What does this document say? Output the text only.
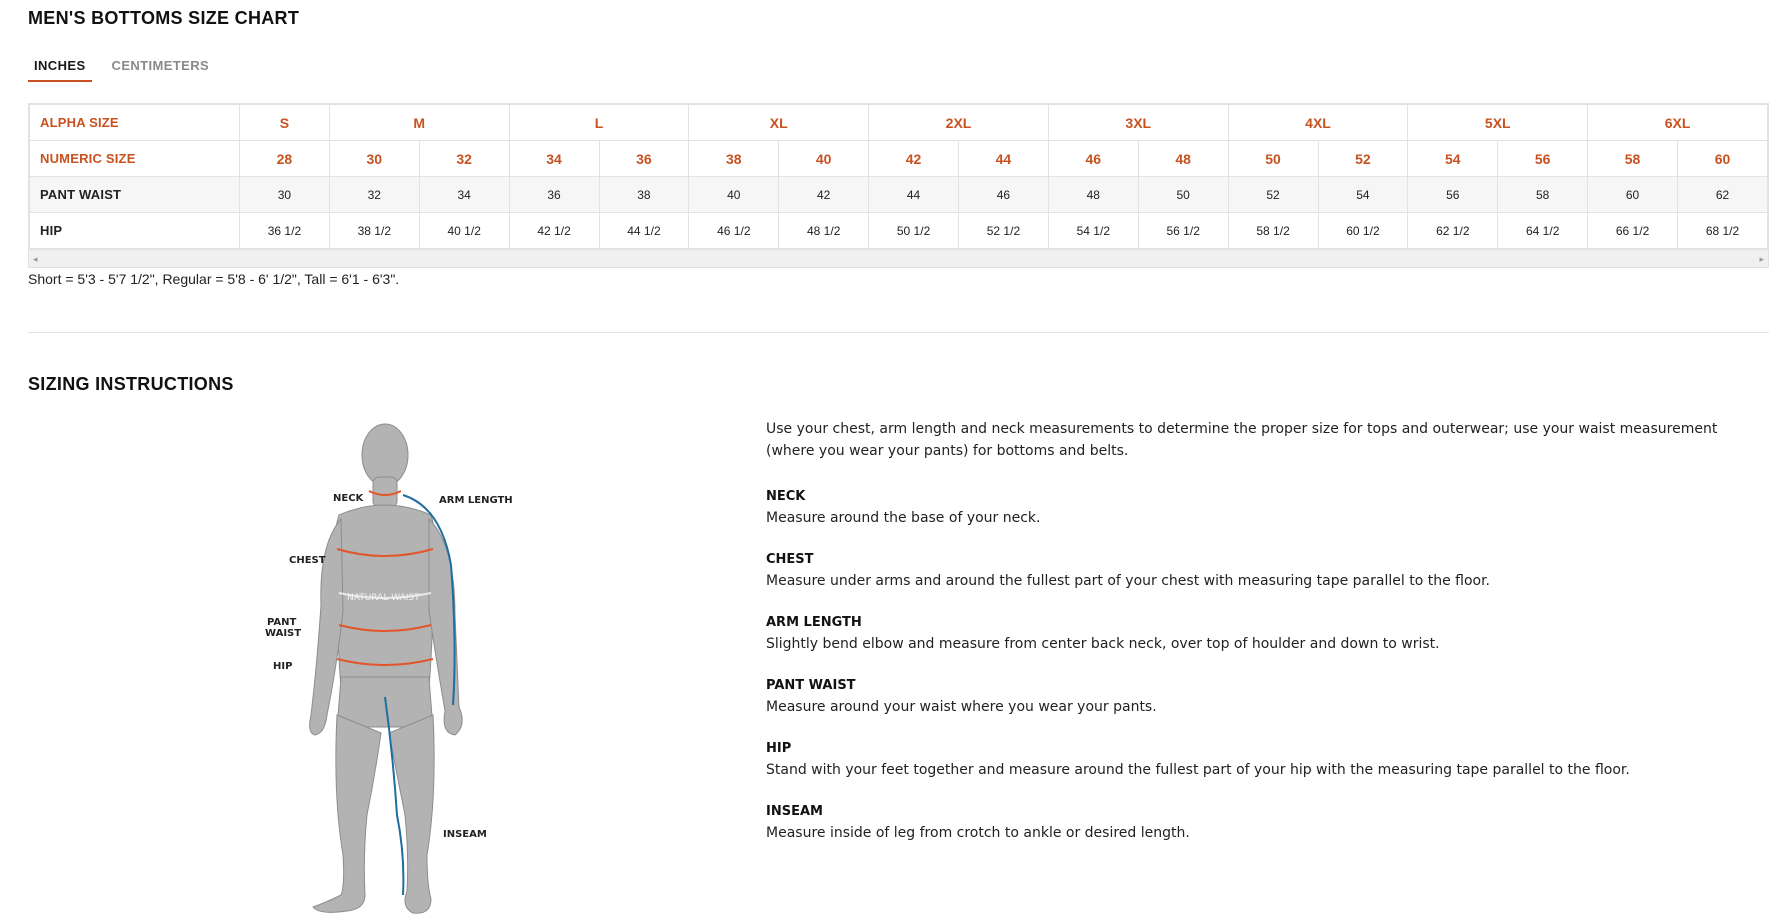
MEN'S BOTTOMS SIZE CHART
INCHES	CENTIMETERS
ALPHA SIZE	S	M		L		XL		2XL		3XL		4XL		5XL		6XL	
NUMERIC SIZE	28	30	32	34	36	38	40	42	44	46	48	50	52	54	56	58	60
PANT WAIST	30	32	34	36	38	40	42	44	46	48	50	52	54	56	58	60	62
HIP	36 1/2	38 1/2	40 1/2	42 1/2	44 1/2	46 1/2	48 1/2	50 1/2	52 1/2	54 1/2	56 1/2	58 1/2	60 1/2	62 1/2	64 1/2	66 1/2	68 1/2
◂	▸
Short = 5'3 - 5'7 1/2", Regular = 5'8 - 6' 1/2", Tall = 6'1 - 6'3".
SIZING INSTRUCTIONS
NECK	ARM LENGTH
CHEST
NATURAL WAIST
PANT
WAIST
HIP
INSEAM
Use your chest, arm length and neck measurements to determine the proper size for tops and outerwear; use your waist measurement (where you wear your pants) for bottoms and belts.
NECK
Measure around the base of your neck.
CHEST
Measure under arms and around the fullest part of your chest with measuring tape parallel to the floor.
ARM LENGTH
Slightly bend elbow and measure from center back neck, over top of houlder and down to wrist.
PANT WAIST
Measure around your waist where you wear your pants.
HIP
Stand with your feet together and measure around the fullest part of your hip with the measuring tape parallel to the floor.
INSEAM
Measure inside of leg from crotch to ankle or desired length.
